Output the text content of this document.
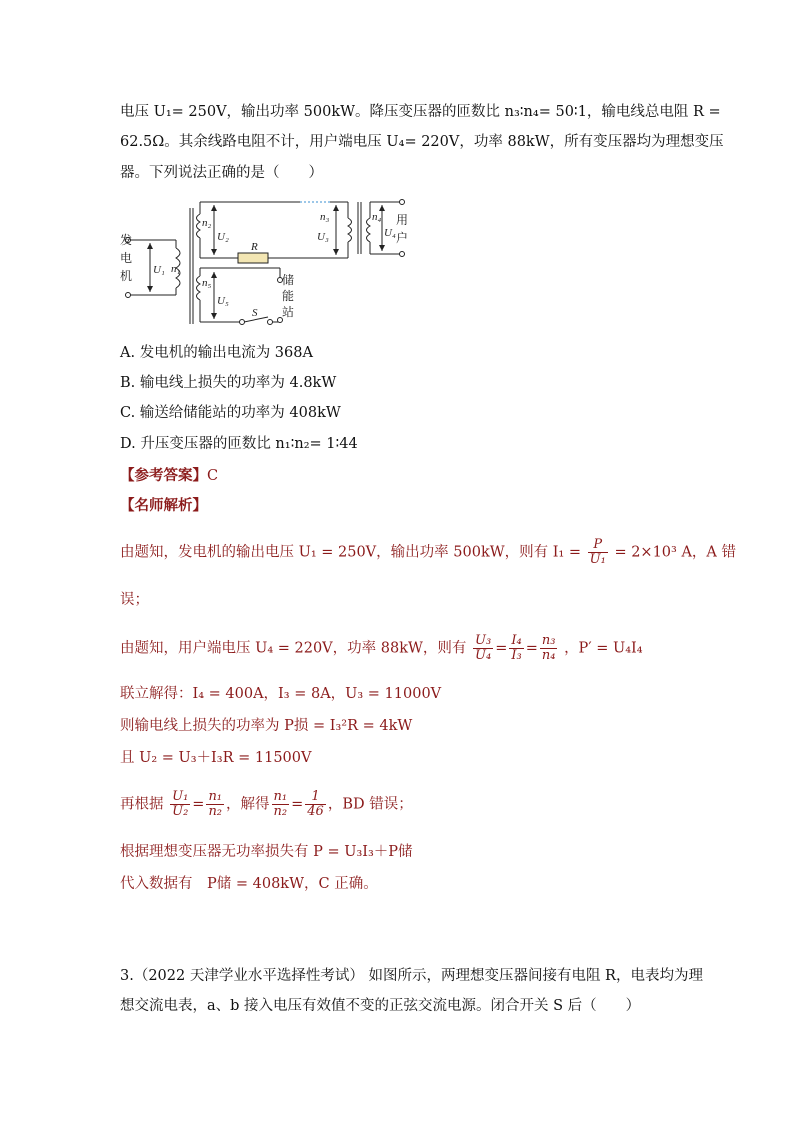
电压 U₁= 250V，输出功率 500kW。降压变压器的匝数比 n₃∶n₄= 50∶1，输电线总电阻 R =
62.5Ω。其余线路电阻不计，用户端电压 U₄= 220V，功率 88kW，所有变压器均为理想变压
器。下列说法正确的是（　　）
发
电
机
用
户
储
能
站
R
U₁ n₁
n₂
U₂
n₃
U₃
n₄
U₄
n₅
U₅
S
A. 发电机的输出电流为 368A
B. 输电线上损失的功率为 4.8kW
C. 输送给储能站的功率为 408kW
D. 升压变压器的匝数比 n₁∶n₂= 1∶44
【参考答案】C
【名师解析】
由题知，发电机的输出电压 U₁ = 250V，输出功率 500kW，则有 $I_1 = \frac{P}{\text{U₁}} = 2\times 10^3$ A，A 错
误；
由题知，用户端电压 U₄ = 220V，功率 88kW，则有 $\frac{\text{U₃}}{\text{U₄}} = \frac{\text{I₄}}{\text{I₃}} = \frac{\text{n₃}}{\text{n₄}}$ ，P′ = U₄I₄
联立解得：I₄ = 400A，I₃ = 8A，U₃ = 11000V
则输电线上损失的功率为 P损 = I₃²R = 4kW
且 U₂ = U₃＋I₃R = 11500V
再根据 $\frac{\text{U₁}}{\text{U₂}} = \frac{\text{n₁}}{\text{n₂}}$ ，解得 $\frac{\text{n₁}}{\text{n₂}} = \frac{1}{46}$ ，BD 错误；
根据理想变压器无功率损失有 P = U₃I₃＋P储
代入数据有　P储 = 408kW，C 正确。
3.（2022 天津学业水平选择性考试） 如图所示，两理想变压器间接有电阻 R，电表均为理
想交流电表，a、b 接入电压有效值不变的正弦交流电源。闭合开关 S 后（　　）
